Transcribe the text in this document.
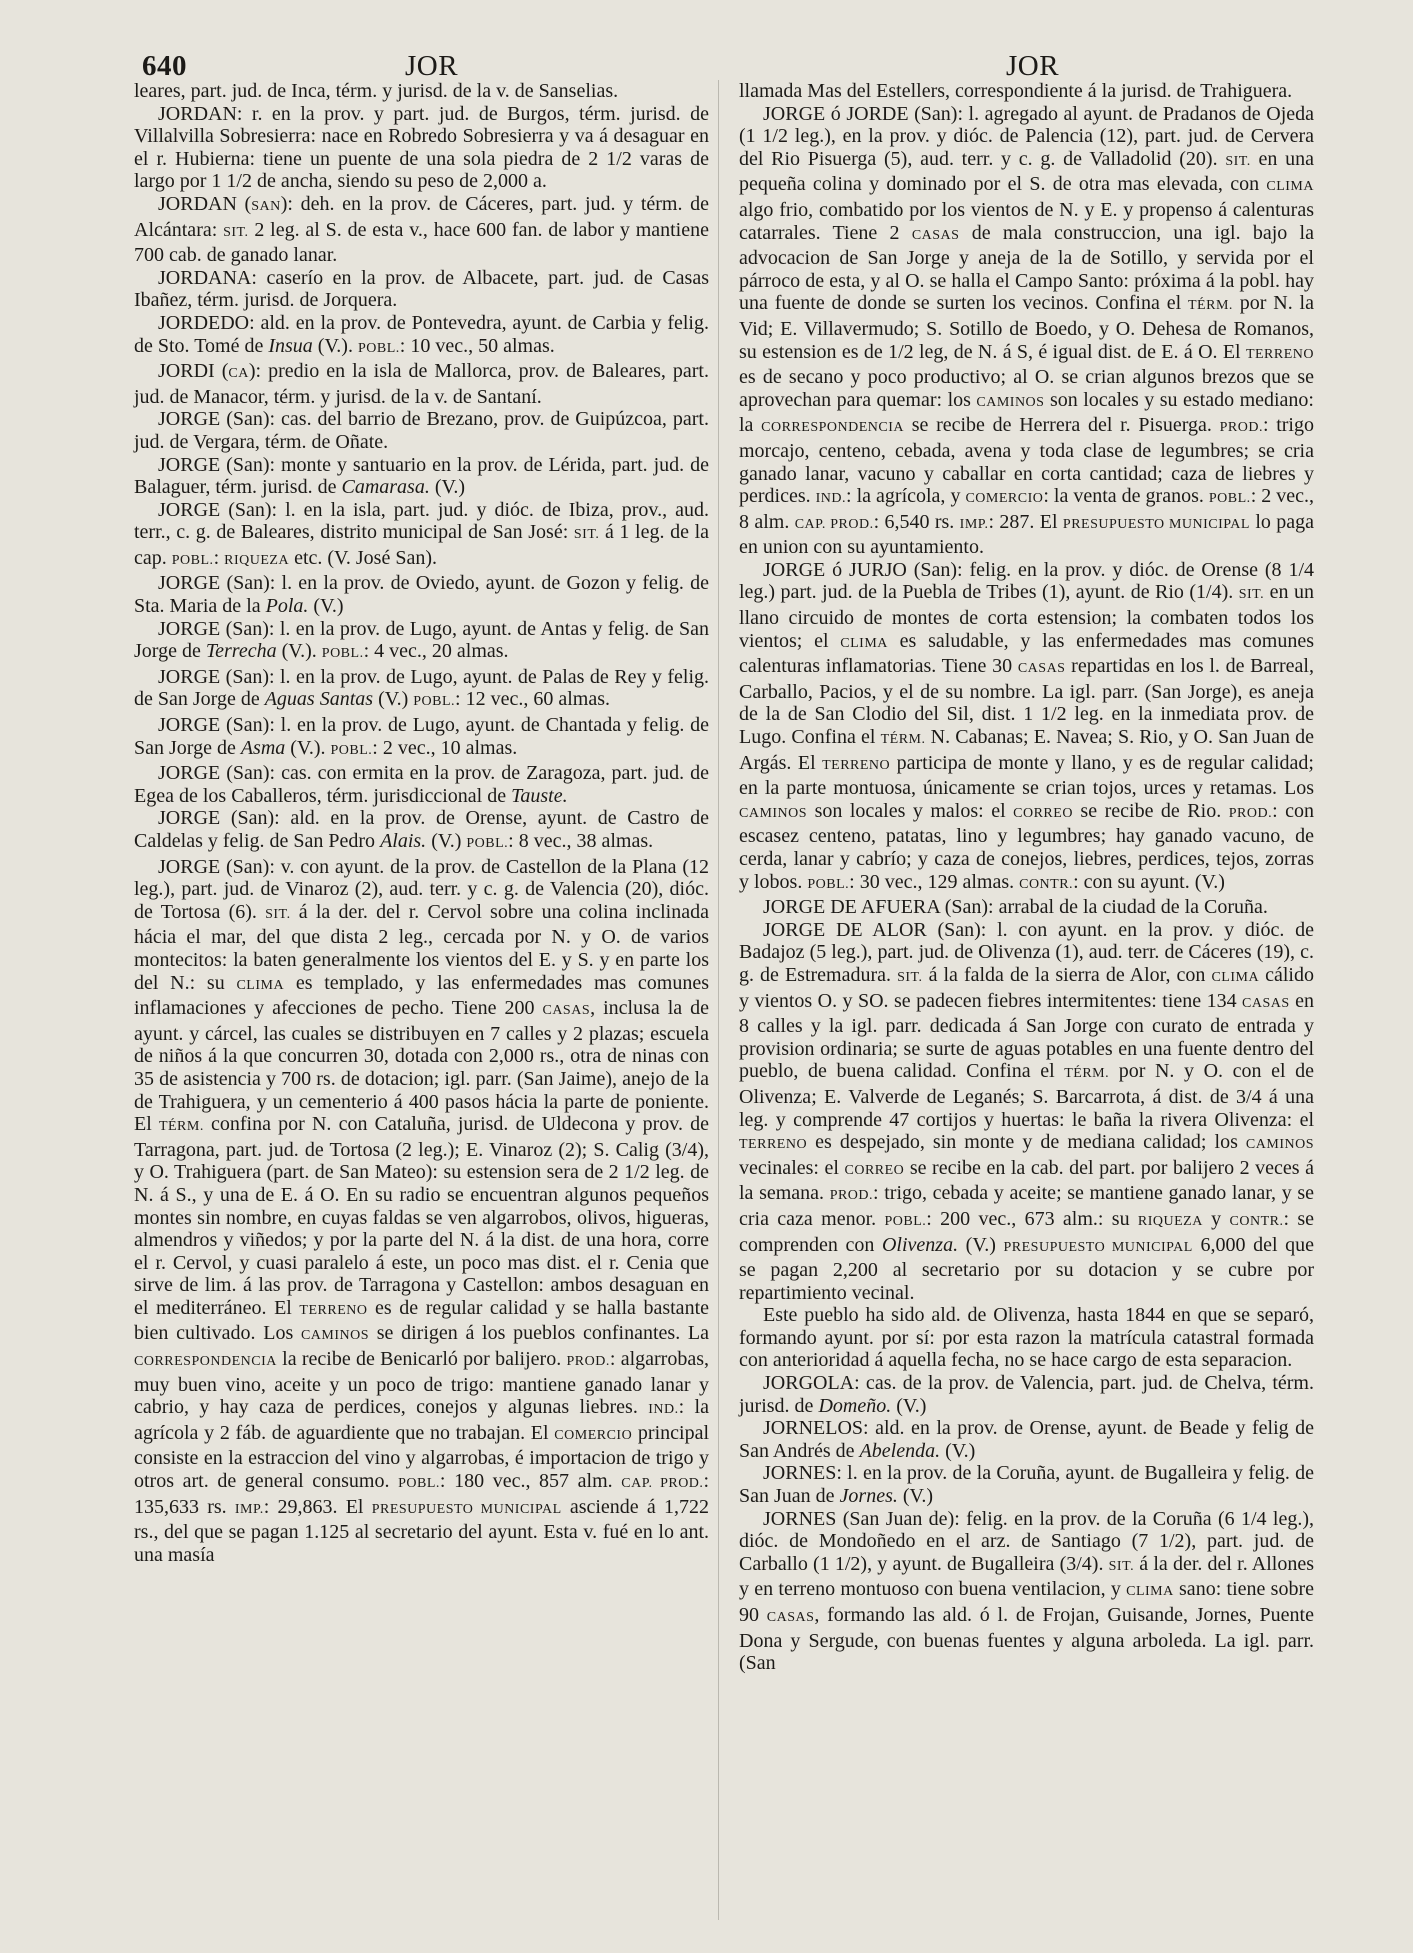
640	JOR	JOR

leares, part. jud. de Inca, térm. y jurisd. de la v. de Sanselias.

JORDAN: r. en la prov. y part. jud. de Burgos, térm. jurisd. de Villalvilla Sobresierra: nace en Robredo Sobresierra y va á desaguar en el r. Hubierna: tiene un puente de una sola piedra de 2 1/2 varas de largo por 1 1/2 de ancha, siendo su peso de 2,000 a.

JORDAN (SAN): deh. en la prov. de Cáceres, part. jud. y térm. de Alcántara: SIT. 2 leg. al S. de esta v., hace 600 fan. de labor y mantiene 700 cab. de ganado lanar.

JORDANA: caserío en la prov. de Albacete, part. jud. de Casas Ibañez, térm. jurisd. de Jorquera.

JORDEDO: ald. en la prov. de Pontevedra, ayunt. de Carbia y felig. de Sto. Tomé de Insua (V.). POBL.: 10 vec., 50 almas.

JORDI (CA): predio en la isla de Mallorca, prov. de Baleares, part. jud. de Manacor, térm. y jurisd. de la v. de Santaní.

JORGE (San): cas. del barrio de Brezano, prov. de Guipúzcoa, part. jud. de Vergara, térm. de Oñate.

JORGE (San): monte y santuario en la prov. de Lérida, part. jud. de Balaguer, térm. jurisd. de Camarasa. (V.)

JORGE (San): l. en la isla, part. jud. y dióc. de Ibiza, prov., aud. terr., c. g. de Baleares, distrito municipal de San José: SIT. á 1 leg. de la cap. POBL.: RIQUEZA etc. (V. José San).

JORGE (San): l. en la prov. de Oviedo, ayunt. de Gozon y felig. de Sta. Maria de la Pola. (V.)

JORGE (San): l. en la prov. de Lugo, ayunt. de Antas y felig. de San Jorge de Terrecha (V.). POBL.: 4 vec., 20 almas.

JORGE (San): l. en la prov. de Lugo, ayunt. de Palas de Rey y felig. de San Jorge de Aguas Santas (V.) POBL.: 12 vec., 60 almas.

JORGE (San): l. en la prov. de Lugo, ayunt. de Chantada y felig. de San Jorge de Asma (V.). POBL.: 2 vec., 10 almas.

JORGE (San): cas. con ermita en la prov. de Zaragoza, part. jud. de Egea de los Caballeros, térm. jurisdiccional de Tauste.

JORGE (San): ald. en la prov. de Orense, ayunt. de Castro de Caldelas y felig. de San Pedro Alais. (V.) POBL.: 8 vec., 38 almas.

JORGE (San): v. con ayunt. de la prov. de Castellon de la Plana (12 leg.), part. jud. de Vinaroz (2), aud. terr. y c. g. de Valencia (20), dióc. de Tortosa (6). SIT. á la der. del r. Cervol sobre una colina inclinada hácia el mar, del que dista 2 leg., cercada por N. y O. de varios montecitos: la baten generalmente los vientos del E. y S. y en parte los del N.: su CLIMA es templado, y las enfermedades mas comunes inflamaciones y afecciones de pecho. Tiene 200 CASAS, inclusa la de ayunt. y cárcel, las cuales se distribuyen en 7 calles y 2 plazas; escuela de niños á la que concurren 30, dotada con 2,000 rs., otra de ninas con 35 de asistencia y 700 rs. de dotacion; igl. parr. (San Jaime), anejo de la de Trahiguera, y un cementerio á 400 pasos hácia la parte de poniente. El TÉRM. confina por N. con Cataluña, jurisd. de Uldecona y prov. de Tarragona, part. jud. de Tortosa (2 leg.); E. Vinaroz (2); S. Calig (3/4), y O. Trahiguera (part. de San Mateo): su estension sera de 2 1/2 leg. de N. á S., y una de E. á O. En su radio se encuentran algunos pequeños montes sin nombre, en cuyas faldas se ven algarrobos, olivos, higueras, almendros y viñedos; y por la parte del N. á la dist. de una hora, corre el r. Cervol, y cuasi paralelo á este, un poco mas dist. el r. Cenia que sirve de lim. á las prov. de Tarragona y Castellon: ambos desaguan en el mediterráneo. El TERRENO es de regular calidad y se halla bastante bien cultivado. Los CAMINOS se dirigen á los pueblos confinantes. La CORRESPONDENCIA la recibe de Benicarló por balijero. PROD.: algarrobas, muy buen vino, aceite y un poco de trigo: mantiene ganado lanar y cabrio, y hay caza de perdices, conejos y algunas liebres. IND.: la agrícola y 2 fáb. de aguardiente que no trabajan. El COMERCIO principal consiste en la estraccion del vino y algarrobas, é importacion de trigo y otros art. de general consumo. POBL.: 180 vec., 857 alm. CAP. PROD.: 135,633 rs. IMP.: 29,863. El PRESUPUESTO MUNICIPAL asciende á 1,722 rs., del que se pagan 1.125 al secretario del ayunt. Esta v. fué en lo ant. una masía

llamada Mas del Estellers, correspondiente á la jurisd. de Trahiguera.

JORGE ó JORDE (San): l. agregado al ayunt. de Pradanos de Ojeda (1 1/2 leg.), en la prov. y dióc. de Palencia (12), part. jud. de Cervera del Rio Pisuerga (5), aud. terr. y c. g. de Valladolid (20). SIT. en una pequeña colina y dominado por el S. de otra mas elevada, con CLIMA algo frio, combatido por los vientos de N. y E. y propenso á calenturas catarrales. Tiene 2 CASAS de mala construccion, una igl. bajo la advocacion de San Jorge y aneja de la de Sotillo, y servida por el párroco de esta, y al O. se halla el Campo Santo: próxima á la pobl. hay una fuente de donde se surten los vecinos. Confina el TÉRM. por N. la Vid; E. Villavermudo; S. Sotillo de Boedo, y O. Dehesa de Romanos, su estension es de 1/2 leg, de N. á S, é igual dist. de E. á O. El TERRENO es de secano y poco productivo; al O. se crian algunos brezos que se aprovechan para quemar: los CAMINOS son locales y su estado mediano: la CORRESPONDENCIA se recibe de Herrera del r. Pisuerga. PROD.: trigo morcajo, centeno, cebada, avena y toda clase de legumbres; se cria ganado lanar, vacuno y caballar en corta cantidad; caza de liebres y perdices. IND.: la agrícola, y COMERCIO: la venta de granos. POBL.: 2 vec., 8 alm. CAP. PROD.: 6,540 rs. IMP.: 287. El PRESUPUESTO MUNICIPAL lo paga en union con su ayuntamiento.

JORGE ó JURJO (San): felig. en la prov. y dióc. de Orense (8 1/4 leg.) part. jud. de la Puebla de Tribes (1), ayunt. de Rio (1/4). SIT. en un llano circuido de montes de corta estension; la combaten todos los vientos; el CLIMA es saludable, y las enfermedades mas comunes calenturas inflamatorias. Tiene 30 CASAS repartidas en los l. de Barreal, Carballo, Pacios, y el de su nombre. La igl. parr. (San Jorge), es aneja de la de San Clodio del Sil, dist. 1 1/2 leg. en la inmediata prov. de Lugo. Confina el TÉRM. N. Cabanas; E. Navea; S. Rio, y O. San Juan de Argás. El TERRENO participa de monte y llano, y es de regular calidad; en la parte montuosa, únicamente se crian tojos, urces y retamas. Los CAMINOS son locales y malos: el CORREO se recibe de Rio. PROD.: con escasez centeno, patatas, lino y legumbres; hay ganado vacuno, de cerda, lanar y cabrío; y caza de conejos, liebres, perdices, tejos, zorras y lobos. POBL.: 30 vec., 129 almas. CONTR.: con su ayunt. (V.)

JORGE DE AFUERA (San): arrabal de la ciudad de la Coruña.

JORGE DE ALOR (San): l. con ayunt. en la prov. y dióc. de Badajoz (5 leg.), part. jud. de Olivenza (1), aud. terr. de Cáceres (19), c. g. de Estremadura. SIT. á la falda de la sierra de Alor, con CLIMA cálido y vientos O. y SO. se padecen fiebres intermitentes: tiene 134 CASAS en 8 calles y la igl. parr. dedicada á San Jorge con curato de entrada y provision ordinaria; se surte de aguas potables en una fuente dentro del pueblo, de buena calidad. Confina el TÉRM. por N. y O. con el de Olivenza; E. Valverde de Leganés; S. Barcarrota, á dist. de 3/4 á una leg. y comprende 47 cortijos y huertas: le baña la rivera Olivenza: el TERRENO es despejado, sin monte y de mediana calidad; los CAMINOS vecinales: el CORREO se recibe en la cab. del part. por balijero 2 veces á la semana. PROD.: trigo, cebada y aceite; se mantiene ganado lanar, y se cria caza menor. POBL.: 200 vec., 673 alm.: su RIQUEZA y CONTR.: se comprenden con Olivenza. (V.) PRESUPUESTO MUNICIPAL 6,000 del que se pagan 2,200 al secretario por su dotacion y se cubre por repartimiento vecinal.

Este pueblo ha sido ald. de Olivenza, hasta 1844 en que se separó, formando ayunt. por sí: por esta razon la matrícula catastral formada con anterioridad á aquella fecha, no se hace cargo de esta separacion.

JORGOLA: cas. de la prov. de Valencia, part. jud. de Chelva, térm. jurisd. de Domeño. (V.)

JORNELOS: ald. en la prov. de Orense, ayunt. de Beade y felig de San Andrés de Abelenda. (V.)

JORNES: l. en la prov. de la Coruña, ayunt. de Bugalleira y felig. de San Juan de Jornes. (V.)

JORNES (San Juan de): felig. en la prov. de la Coruña (6 1/4 leg.), dióc. de Mondoñedo en el arz. de Santiago (7 1/2), part. jud. de Carballo (1 1/2), y ayunt. de Bugalleira (3/4). SIT. á la der. del r. Allones y en terreno montuoso con buena ventilacion, y CLIMA sano: tiene sobre 90 CASAS, formando las ald. ó l. de Frojan, Guisande, Jornes, Puente Dona y Sergude, con buenas fuentes y alguna arboleda. La igl. parr. (San
